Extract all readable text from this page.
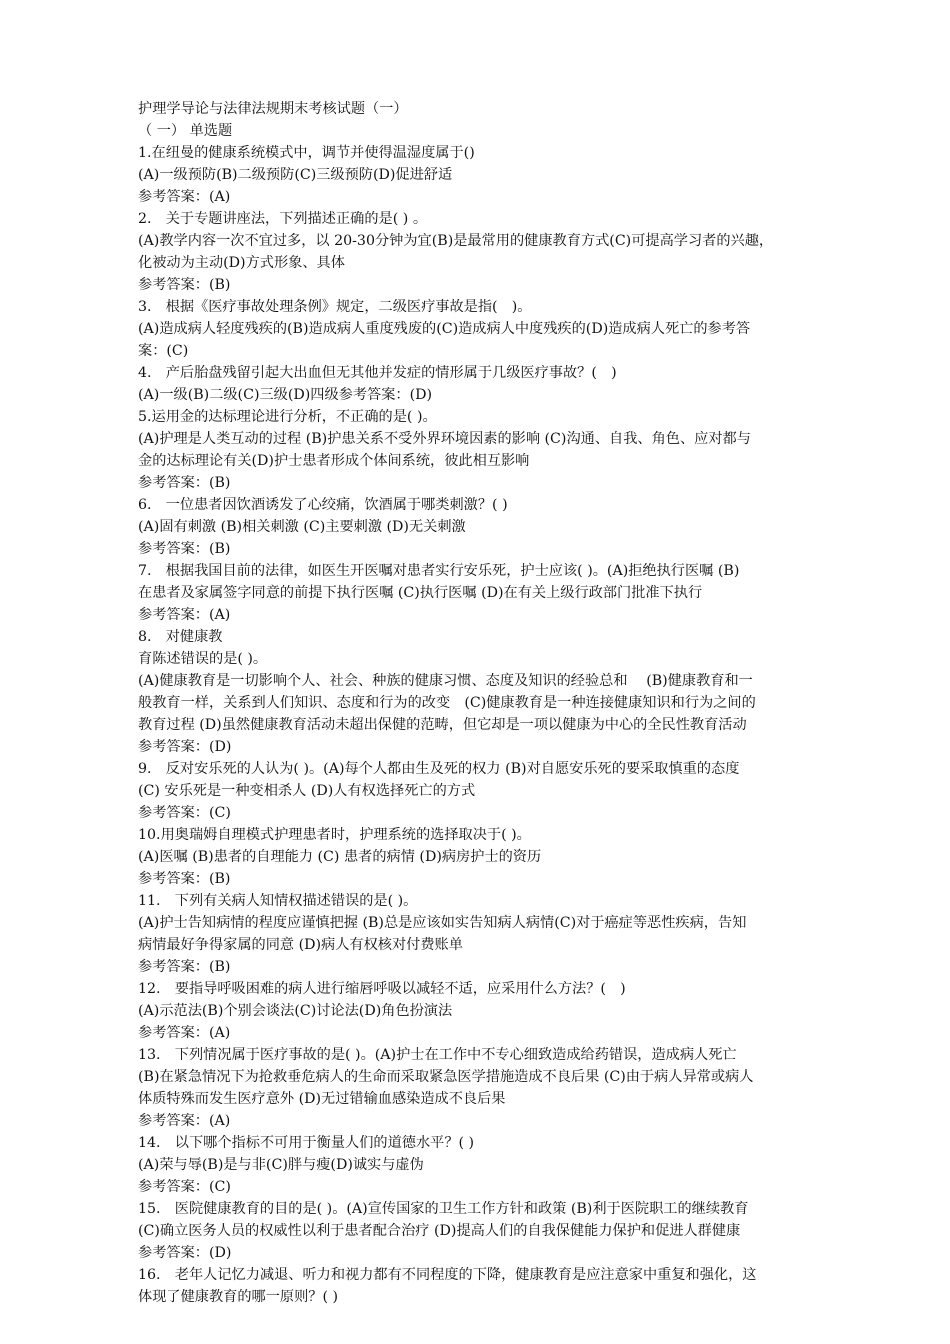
护理学导论与法律法规期末考核试题（一）
（ 一） 单选题
1.在纽曼的健康系统模式中，调节并使得温湿度属于()
(A)一级预防(B)二级预防(C)三级预防(D)促进舒适
参考答案：(A)
2.　关于专题讲座法，下列描述正确的是( ) 。
(A)教学内容一次不宜过多，以 20-30分钟为宜(B)是最常用的健康教育方式(C)可提高学习者的兴趣，
化被动为主动(D)方式形象、具体
参考答案：(B)
3.　根据《医疗事故处理条例》规定，二级医疗事故是指(　)。
(A)造成病人轻度残疾的(B)造成病人重度残废的(C)造成病人中度残疾的(D)造成病人死亡的参考答
案：(C)
4.　产后胎盘残留引起大出血但无其他并发症的情形属于几级医疗事故？(　)
(A)一级(B)二级(C)三级(D)四级参考答案：(D)
5.运用金的达标理论进行分析，不正确的是( )。
(A)护理是人类互动的过程 (B)护患关系不受外界环境因素的影响 (C)沟通、自我、角色、应对都与
金的达标理论有关(D)护士患者形成个体间系统，彼此相互影响
参考答案：(B)
6.　一位患者因饮酒诱发了心绞痛，饮酒属于哪类刺激？( )
(A)固有刺激 (B)相关刺激 (C)主要刺激 (D)无关刺激
参考答案：(B)
7.　根据我国目前的法律，如医生开医嘱对患者实行安乐死，护士应该( )。(A)拒绝执行医嘱 (B)
在患者及家属签字同意的前提下执行医嘱 (C)执行医嘱 (D)在有关上级行政部门批准下执行
参考答案：(A)
8.　对健康教
育陈述错误的是( )。
(A)健康教育是一切影响个人、社会、种族的健康习惯、态度及知识的经验总和　 (B)健康教育和一
般教育一样，关系到人们知识、态度和行为的改变　(C)健康教育是一种连接健康知识和行为之间的
教育过程 (D)虽然健康教育活动未超出保健的范畴，但它却是一项以健康为中心的全民性教育活动
参考答案：(D)
9.　反对安乐死的人认为( )。(A)每个人都由生及死的权力 (B)对自愿安乐死的要采取慎重的态度
(C) 安乐死是一种变相杀人 (D)人有权选择死亡的方式
参考答案：(C)
10.用奥瑞姆自理模式护理患者时，护理系统的选择取决于( )。
(A)医嘱 (B)患者的自理能力 (C) 患者的病情 (D)病房护士的资历
参考答案：(B)
11.　下列有关病人知情权描述错误的是( )。
(A)护士告知病情的程度应谨慎把握 (B)总是应该如实告知病人病情(C)对于癌症等恶性疾病，告知
病情最好争得家属的同意 (D)病人有权核对付费账单
参考答案：(B)
12.　要指导呼吸困难的病人进行缩唇呼吸以减轻不适，应采用什么方法？(　)
(A)示范法(B)个别会谈法(C)讨论法(D)角色扮演法
参考答案：(A)
13.　下列情况属于医疗事故的是( )。(A)护士在工作中不专心细致造成给药错误，造成病人死亡
(B)在紧急情况下为抢救垂危病人的生命而采取紧急医学措施造成不良后果 (C)由于病人异常或病人
体质特殊而发生医疗意外 (D)无过错输血感染造成不良后果
参考答案：(A)
14.　以下哪个指标不可用于衡量人们的道德水平？( )
(A)荣与辱(B)是与非(C)胖与瘦(D)诚实与虚伪
参考答案：(C)
15.　医院健康教育的目的是( )。(A)宣传国家的卫生工作方针和政策 (B)利于医院职工的继续教育
(C)确立医务人员的权威性以利于患者配合治疗 (D)提高人们的自我保健能力保护和促进人群健康
参考答案：(D)
16.　老年人记忆力减退、听力和视力都有不同程度的下降，健康教育是应注意家中重复和强化，这
体现了健康教育的哪一原则？( )
